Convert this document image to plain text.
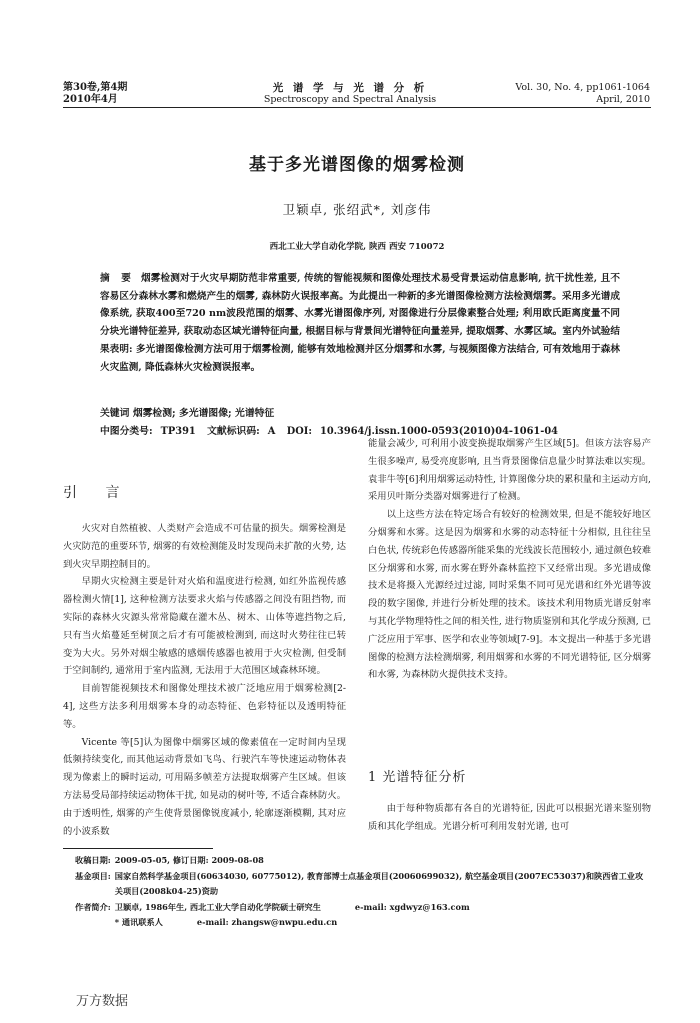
第30卷,第4期
2010年4月
光 谱 学 与 光 谱 分 析
Spectroscopy and Spectral Analysis
Vol. 30, No. 4, pp1061-1064
April, 2010
基于多光谱图像的烟雾检测
卫颖卓, 张绍武*, 刘彦伟
西北工业大学自动化学院, 陕西 西安 710072
摘 要 烟雾检测对于火灾早期防范非常重要, 传统的智能视频和图像处理技术易受背景运动信息影响, 抗干扰性差, 且不容易区分森林水雾和燃烧产生的烟雾, 森林防火误报率高。为此提出一种新的多光谱图像检测方法检测烟雾。采用多光谱成像系统, 获取400至720 nm波段范围的烟雾、水雾光谱图像序列, 对图像进行分层像素整合处理; 利用欧氏距离度量不同分块光谱特征差异, 获取动态区域光谱特征向量, 根据目标与背景间光谱特征向量差异, 提取烟雾、水雾区域。室内外试验结果表明: 多光谱图像检测方法可用于烟雾检测, 能够有效地检测并区分烟雾和水雾, 与视频图像方法结合, 可有效地用于森林火灾监测, 降低森林火灾检测误报率。
关键词 烟雾检测; 多光谱图像; 光谱特征
中图分类号: TP391 文献标识码: A DOI: 10.3964/j.issn.1000-0593(2010)04-1061-04
引 言

火灾对自然植被、人类财产会造成不可估量的损失。烟雾检测是火灾防范的重要环节, 烟雾的有效检测能及时发现尚未扩散的火势, 达到火灾早期控制目的。

早期火灾检测主要是针对火焰和温度进行检测, 如红外监视传感器检测火情[1], 这种检测方法要求火焰与传感器之间没有阻挡物, 而实际的森林火灾源头常常隐藏在灌木丛、树木、山体等遮挡物之后, 只有当火焰蔓延至树顶之后才有可能被检测到, 而这时火势往往已转变为大火。另外对烟尘敏感的感烟传感器也被用于火灾检测, 但受制于空间制约, 通常用于室内监测, 无法用于大范围区域森林环境。

目前智能视频技术和图像处理技术被广泛地应用于烟雾检测[2-4], 这些方法多利用烟雾本身的动态特征、色彩特征以及透明特征等。

Vicente 等[5]认为图像中烟雾区域的像素值在一定时间内呈现低频持续变化, 而其他运动背景如飞鸟、行驶汽车等快速运动物体表现为像素上的瞬时运动, 可用隔多帧差方法提取烟雾产生区域。但该方法易受局部持续运动物体干扰, 如晃动的树叶等, 不适合森林防火。由于透明性, 烟雾的产生使背景图像锐度减小, 轮廓逐渐模糊, 其对应的小波系数

能量会减少, 可利用小波变换提取烟雾产生区域[5]。但该方法容易产生很多噪声, 易受亮度影响, 且当背景图像信息量少时算法难以实现。袁非牛等[6]利用烟雾运动特性, 计算图像分块的累积量和主运动方向, 采用贝叶斯分类器对烟雾进行了检测。

以上这些方法在特定场合有较好的检测效果, 但是不能较好地区分烟雾和水雾。这是因为烟雾和水雾的动态特征十分相似, 且往往呈白色状, 传统彩色传感器所能采集的光线波长范围较小, 通过颜色较难区分烟雾和水雾, 而水雾在野外森林监控下又经常出现。多光谱成像技术是将摄入光源经过过滤, 同时采集不同可见光谱和红外光谱等波段的数字图像, 并进行分析处理的技术。该技术利用物质光谱反射率与其化学物理特性之间的相关性, 进行物质鉴别和其化学成分预测, 已广泛应用于军事、医学和农业等领域[7-9]。本文提出一种基于多光谱图像的检测方法检测烟雾, 利用烟雾和水雾的不同光谱特征, 区分烟雾和水雾, 为森林防火提供技术支持。

1 光谱特征分析

由于每种物质都有各自的光谱特征, 因此可以根据光谱来鉴别物质和其化学组成。光谱分析可利用发射光谱, 也可

收稿日期: 2009-05-05, 修订日期: 2009-08-08
基金项目: 国家自然科学基金项目(60634030, 60775012), 教育部博士点基金项目(20060699032), 航空基金项目(2007EC53037)和陕西省工业攻关项目(2008k04-25)资助
作者简介: 卫颖卓, 1986年生, 西北工业大学自动化学院硕士研究生	e-mail: xgdwyz@163.com
* 通讯联系人	e-mail: zhangsw@nwpu.edu.cn
万方数据
